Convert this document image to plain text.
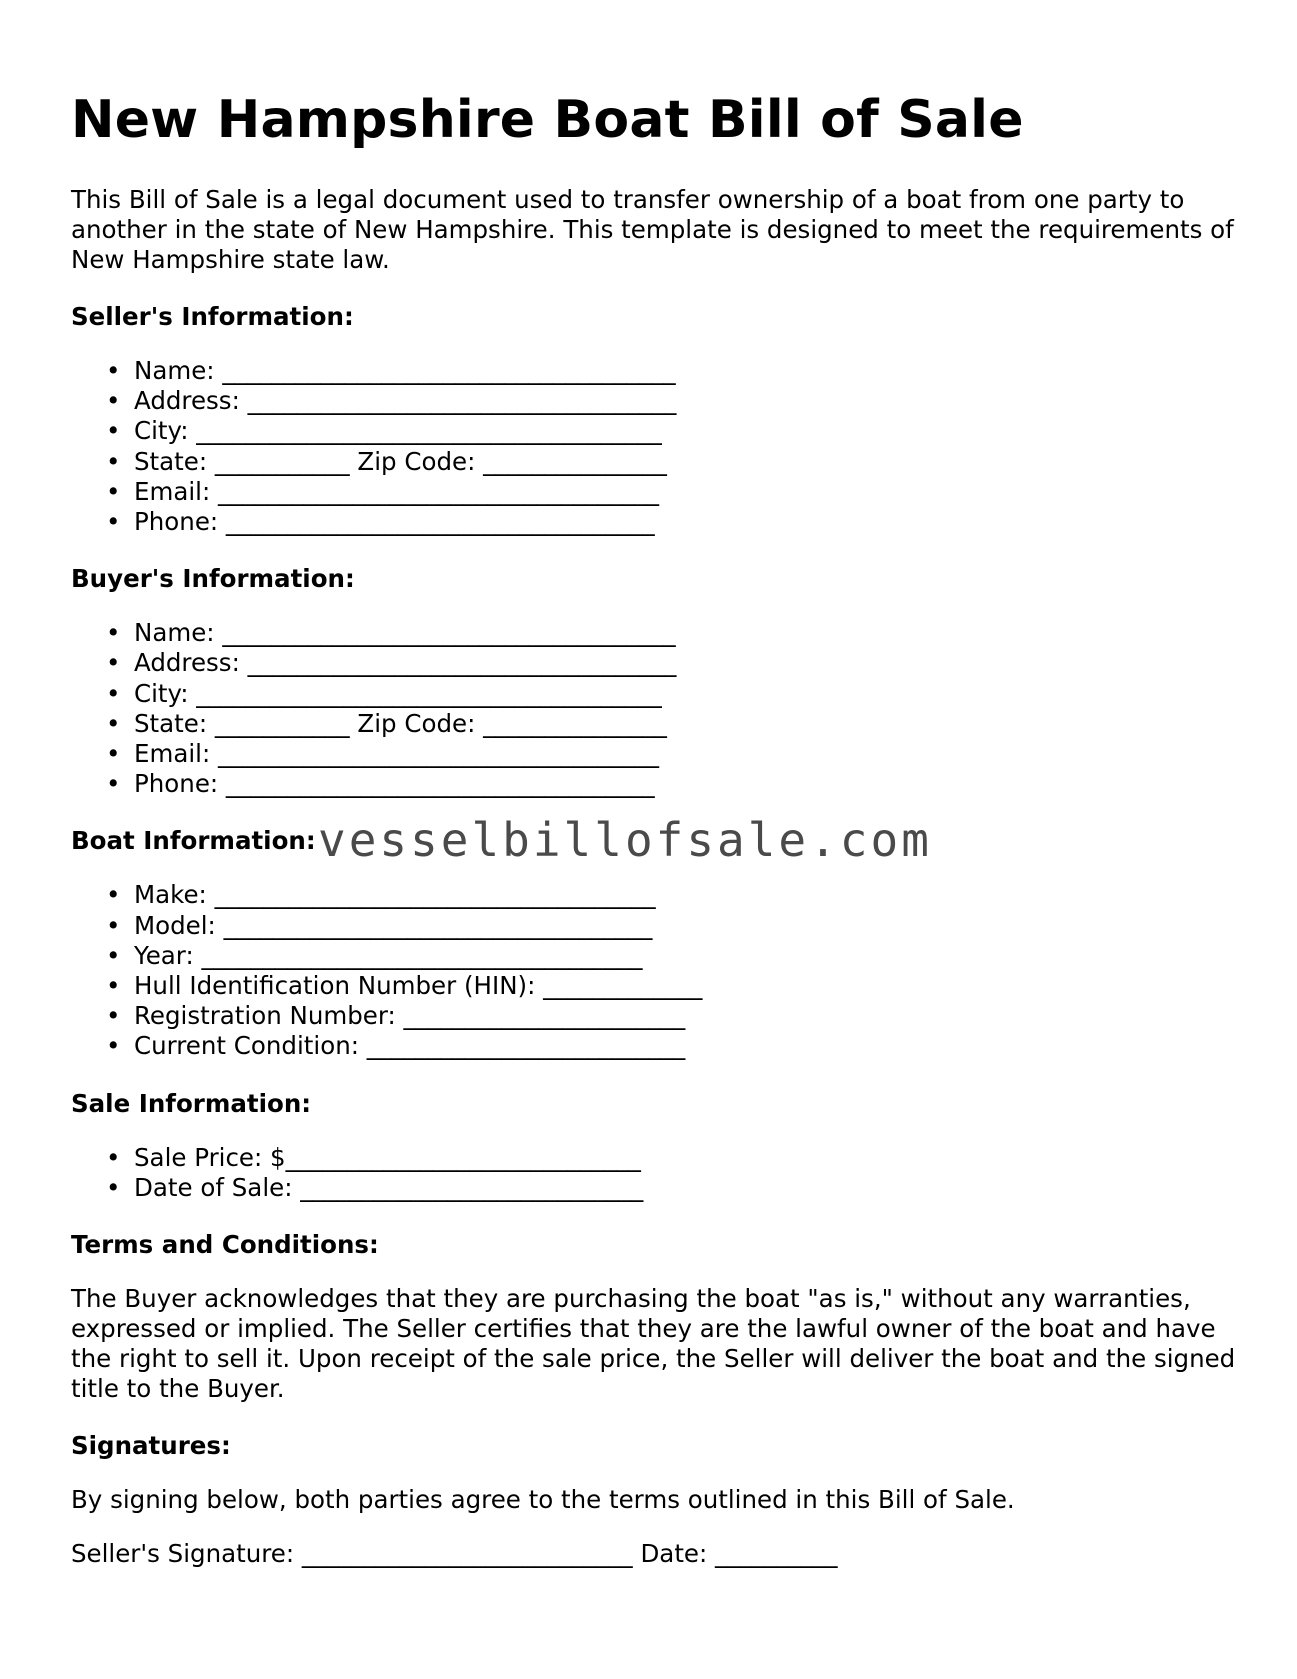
New Hampshire Boat Bill of Sale

This Bill of Sale is a legal document used to transfer ownership of a boat from one party to another in the state of New Hampshire. This template is designed to meet the requirements of New Hampshire state law.

Seller's Information:
• Name: _____________________________________
• Address: ___________________________________
• City: ______________________________________
• State: ___________ Zip Code: _______________
• Email: ____________________________________
• Phone: ___________________________________
Buyer's Information:
• Name: _____________________________________
• Address: ___________________________________
• City: ______________________________________
• State: ___________ Zip Code: _______________
• Email: ____________________________________
• Phone: ___________________________________
Boat Information:
• Make: ____________________________________
• Model: ___________________________________
• Year: ____________________________________
• Hull Identification Number (HIN): _____________
• Registration Number: _______________________
• Current Condition: __________________________
Sale Information:
• Sale Price: $_____________________________
• Date of Sale: ____________________________
Terms and Conditions:

The Buyer acknowledges that they are purchasing the boat "as is," without any warranties, expressed or implied. The Seller certifies that they are the lawful owner of the boat and have the right to sell it. Upon receipt of the sale price, the Seller will deliver the boat and the signed title to the Buyer.

Signatures:

By signing below, both parties agree to the terms outlined in this Bill of Sale.

Seller's Signature: ___________________________ Date: __________

vesselbillofsale.com
